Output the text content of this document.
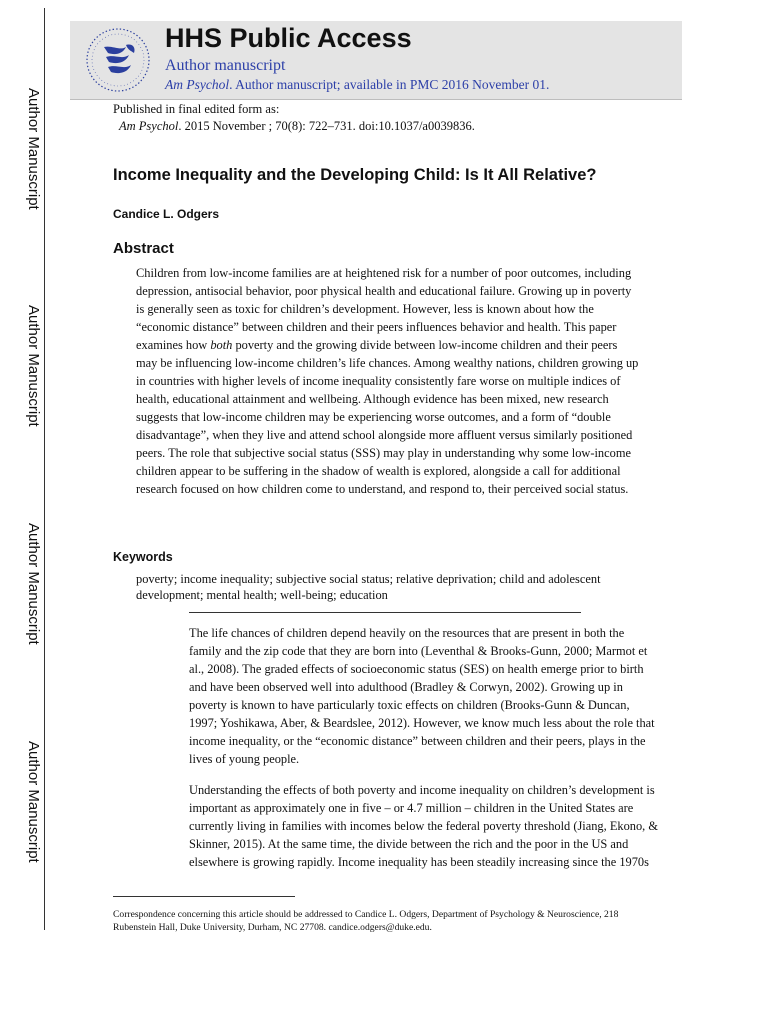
Author Manuscript
Author Manuscript
Author Manuscript
Author Manuscript
HHS Public Access
Author manuscript
Am Psychol. Author manuscript; available in PMC 2016 November 01.
Published in final edited form as:
Am Psychol. 2015 November ; 70(8): 722–731. doi:10.1037/a0039836.
Income Inequality and the Developing Child: Is It All Relative?
Candice L. Odgers
Abstract

Children from low-income families are at heightened risk for a number of poor outcomes, including depression, antisocial behavior, poor physical health and educational failure. Growing up in poverty is generally seen as toxic for children’s development. However, less is known about how the “economic distance” between children and their peers influences behavior and health. This paper examines how both poverty and the growing divide between low-income children and their peers may be influencing low-income children’s life chances. Among wealthy nations, children growing up in countries with higher levels of income inequality consistently fare worse on multiple indices of health, educational attainment and wellbeing. Although evidence has been mixed, new research suggests that low-income children may be experiencing worse outcomes, and a form of “double disadvantage”, when they live and attend school alongside more affluent versus similarly positioned peers. The role that subjective social status (SSS) may play in understanding why some low-income children appear to be suffering in the shadow of wealth is explored, alongside a call for additional research focused on how children come to understand, and respond to, their perceived social status.

Keywords

poverty; income inequality; subjective social status; relative deprivation; child and adolescent development; mental health; well-being; education

The life chances of children depend heavily on the resources that are present in both the family and the zip code that they are born into (Leventhal & Brooks-Gunn, 2000; Marmot et al., 2008). The graded effects of socioeconomic status (SES) on health emerge prior to birth and have been observed well into adulthood (Bradley & Corwyn, 2002). Growing up in poverty is known to have particularly toxic effects on children (Brooks-Gunn & Duncan, 1997; Yoshikawa, Aber, & Beardslee, 2012). However, we know much less about the role that income inequality, or the “economic distance” between children and their peers, plays in the lives of young people.

Understanding the effects of both poverty and income inequality on children’s development is important as approximately one in five – or 4.7 million – children in the United States are currently living in families with incomes below the federal poverty threshold (Jiang, Ekono, & Skinner, 2015). At the same time, the divide between the rich and the poor in the US and elsewhere is growing rapidly. Income inequality has been steadily increasing since the 1970s

Correspondence concerning this article should be addressed to Candice L. Odgers, Department of Psychology & Neuroscience, 218 Rubenstein Hall, Duke University, Durham, NC 27708. candice.odgers@duke.edu.
